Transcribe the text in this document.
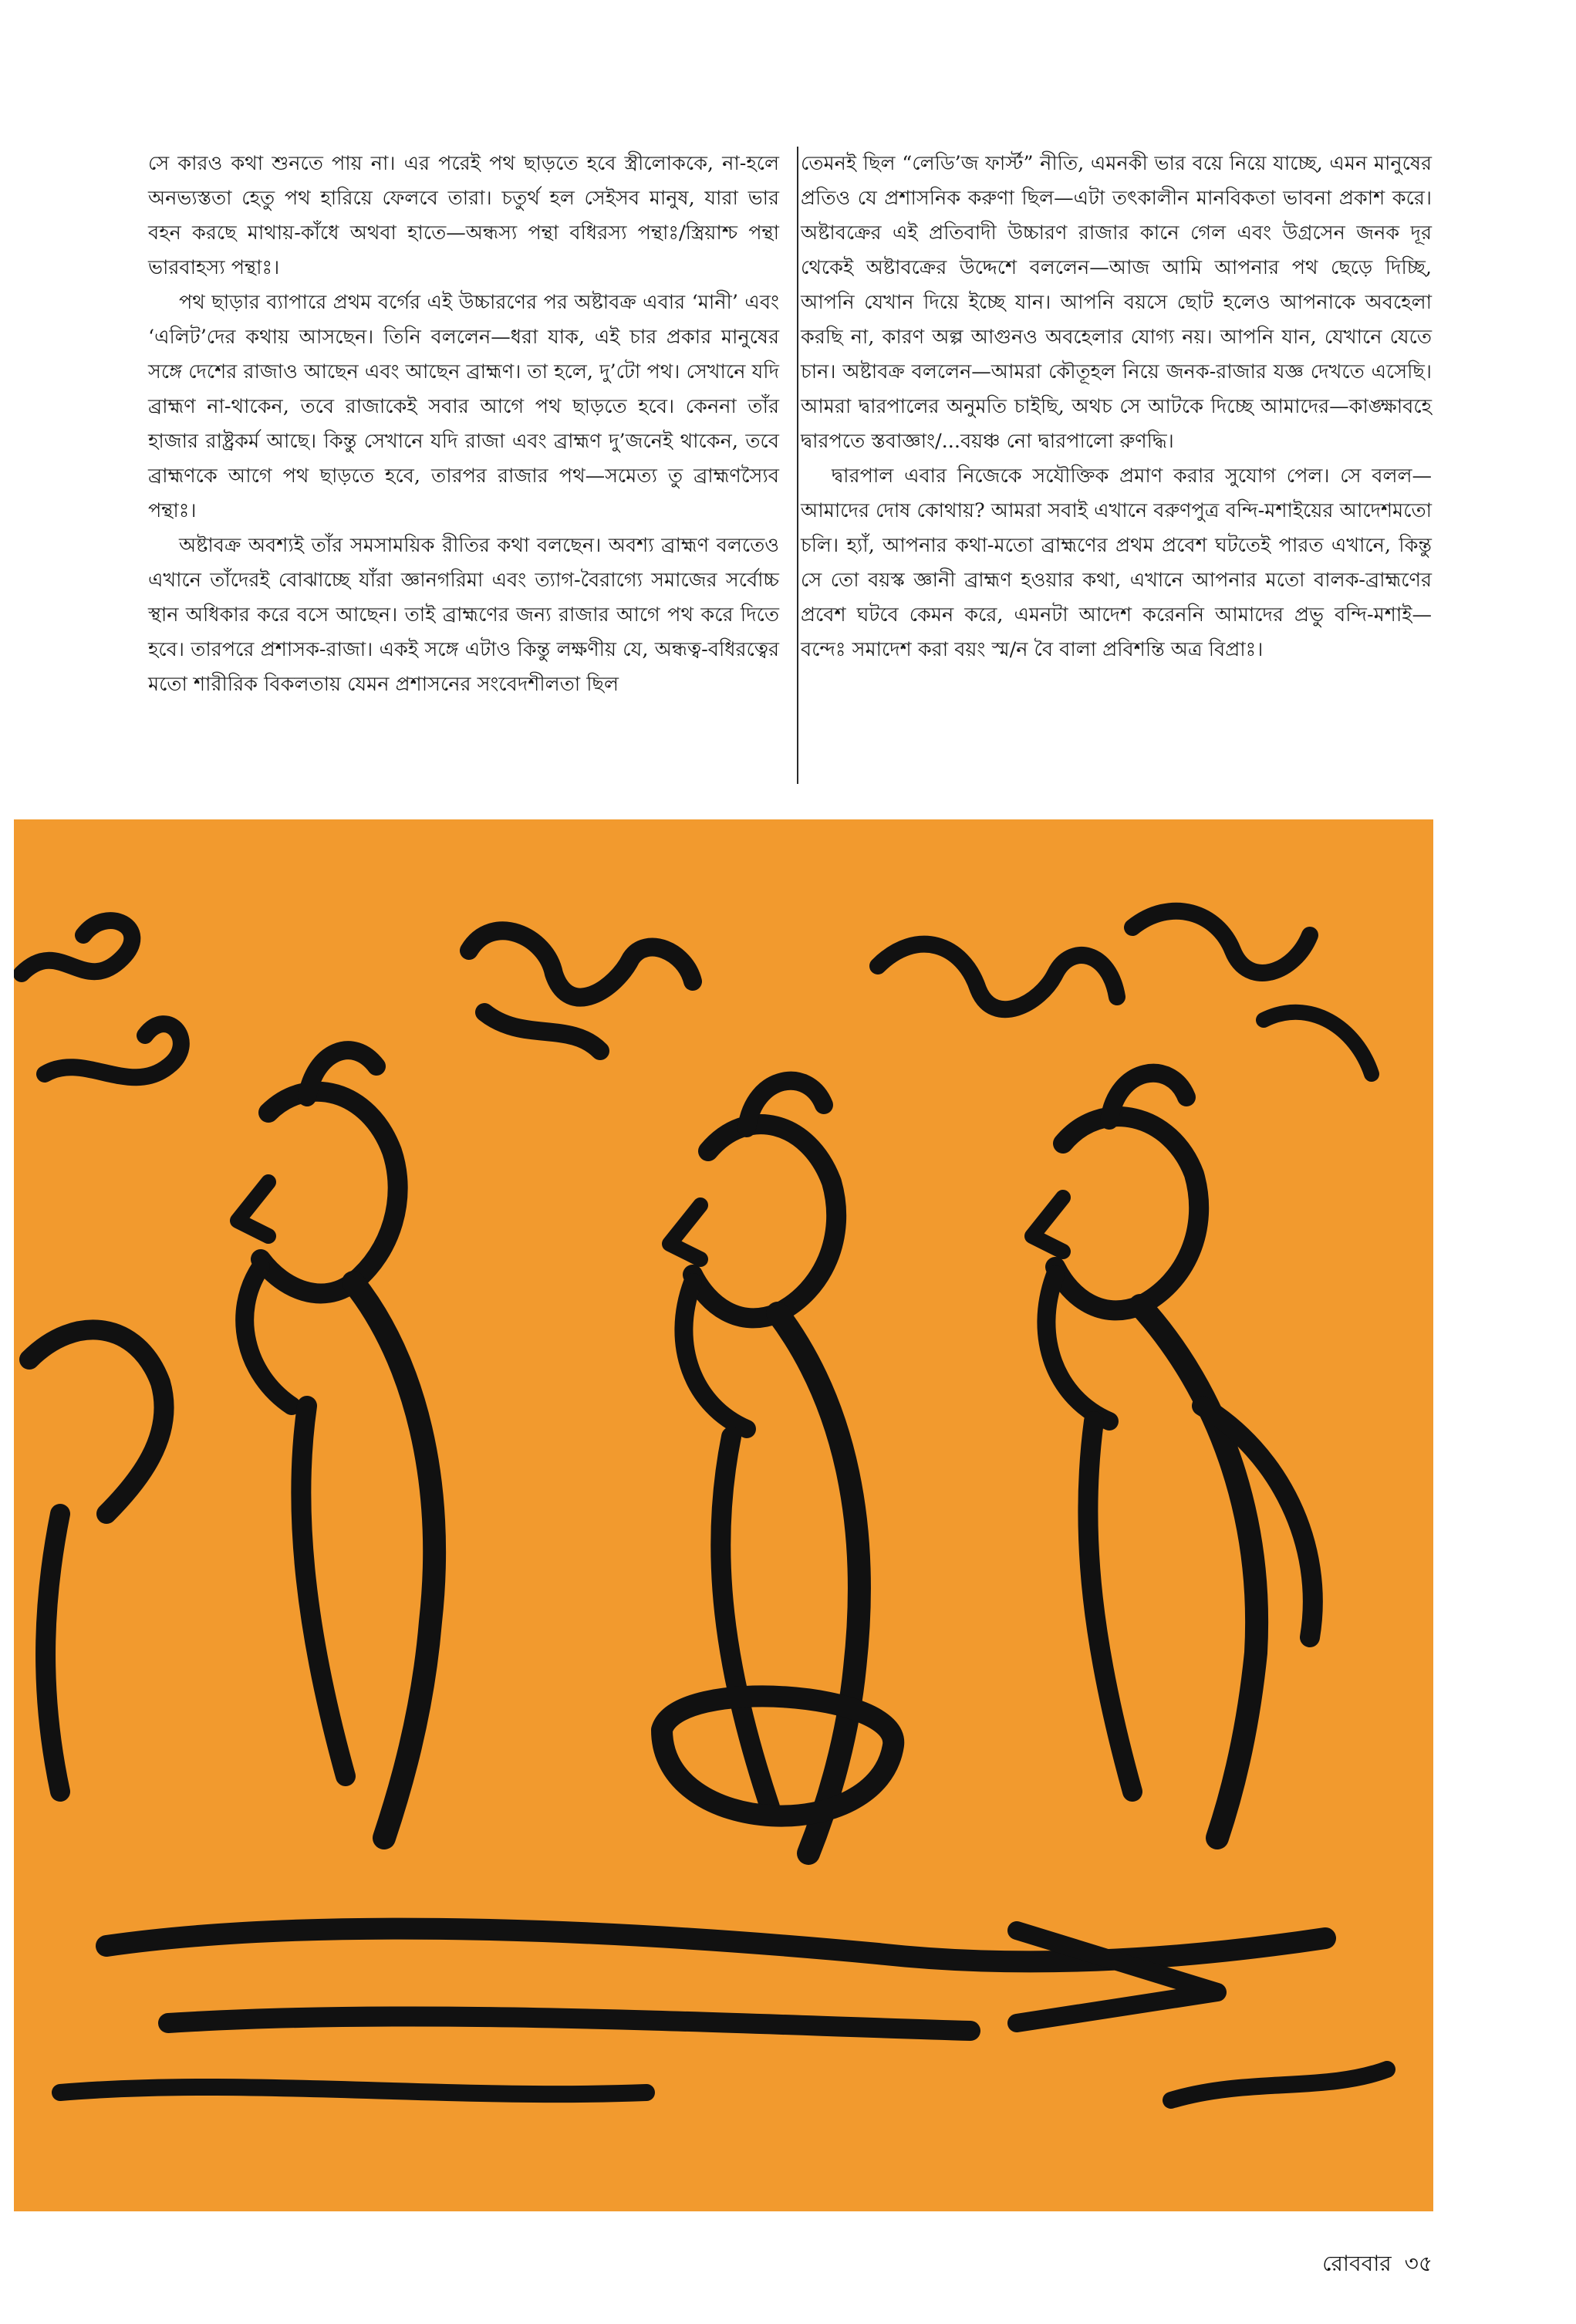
সে কারও কথা শুনতে পায় না। এর পরেই পথ ছাড়তে হবে স্ত্রীলোককে, না-হলে অনভ্যস্ততা হেতু পথ হারিয়ে ফেলবে তারা। চতুর্থ হল সেইসব মানুষ, যারা ভার বহন করছে মাথায়-কাঁধে অথবা হাতে—অন্ধস্য পন্থা বধিরস্য পন্থাঃ/স্ত্রিয়াশ্চ পন্থা ভারবাহস্য পন্থাঃ।

পথ ছাড়ার ব্যাপারে প্রথম বর্গের এই উচ্চারণের পর অষ্টাবক্র এবার ‘মানী’ এবং ‘এলিট’দের কথায় আসছেন। তিনি বললেন—ধরা যাক, এই চার প্রকার মানুষের সঙ্গে দেশের রাজাও আছেন এবং আছেন ব্রাহ্মণ। তা হলে, দু’টো পথ। সেখানে যদি ব্রাহ্মণ না-থাকেন, তবে রাজাকেই সবার আগে পথ ছাড়তে হবে। কেননা তাঁর হাজার রাষ্ট্রকর্ম আছে। কিন্তু সেখানে যদি রাজা এবং ব্রাহ্মণ দু’জনেই থাকেন, তবে ব্রাহ্মণকে আগে পথ ছাড়তে হবে, তারপর রাজার পথ—সমেত্য তু ব্রাহ্মণস্যৈব পন্থাঃ।

অষ্টাবক্র অবশ্যই তাঁর সমসাময়িক রীতির কথা বলছেন। অবশ্য ব্রাহ্মণ বলতেও এখানে তাঁদেরই বোঝাচ্ছে যাঁরা জ্ঞানগরিমা এবং ত্যাগ-বৈরাগ্যে সমাজের সর্বোচ্চ স্থান অধিকার করে বসে আছেন। তাই ব্রাহ্মণের জন্য রাজার আগে পথ করে দিতে হবে। তারপরে প্রশাসক-রাজা। একই সঙ্গে এটাও কিন্তু লক্ষণীয় যে, অন্ধত্ব-বধিরত্বের মতো শারীরিক বিকলতায় যেমন প্রশাসনের সংবেদশীলতা ছিল

তেমনই ছিল “লেডি’জ ফার্স্ট” নীতি, এমনকী ভার বয়ে নিয়ে যাচ্ছে, এমন মানুষের প্রতিও যে প্রশাসনিক করুণা ছিল—এটা তৎকালীন মানবিকতা ভাবনা প্রকাশ করে। অষ্টাবক্রের এই প্রতিবাদী উচ্চারণ রাজার কানে গেল এবং উগ্রসেন জনক দূর থেকেই অষ্টাবক্রের উদ্দেশে বললেন—আজ আমি আপনার পথ ছেড়ে দিচ্ছি, আপনি যেখান দিয়ে ইচ্ছে যান। আপনি বয়সে ছোট হলেও আপনাকে অবহেলা করছি না, কারণ অল্প আগুনও অবহেলার যোগ্য নয়। আপনি যান, যেখানে যেতে চান। অষ্টাবক্র বললেন—আমরা কৌতূহল নিয়ে জনক-রাজার যজ্ঞ দেখতে এসেছি। আমরা দ্বারপালের অনুমতি চাইছি, অথচ সে আটকে দিচ্ছে আমাদের—কাঙ্ক্ষাবহে দ্বারপতে স্তবাজ্ঞাং/...বয়ঞ্চ নো দ্বারপালো রুণদ্ধি।

দ্বারপাল এবার নিজেকে সযৌক্তিক প্রমাণ করার সুযোগ পেল। সে বলল—আমাদের দোষ কোথায়? আমরা সবাই এখানে বরুণপুত্র বন্দি-মশাইয়ের আদেশমতো চলি। হ্যাঁ, আপনার কথা-মতো ব্রাহ্মণের প্রথম প্রবেশ ঘটতেই পারত এখানে, কিন্তু সে তো বয়স্ক জ্ঞানী ব্রাহ্মণ হওয়ার কথা, এখানে আপনার মতো বালক-ব্রাহ্মণের প্রবেশ ঘটবে কেমন করে, এমনটা আদেশ করেননি আমাদের প্রভু বন্দি-মশাই—বন্দেঃ সমাদেশ করা বয়ং স্ম/ন বৈ বালা প্রবিশন্তি অত্র বিপ্রাঃ।

রোববার ৩৫
